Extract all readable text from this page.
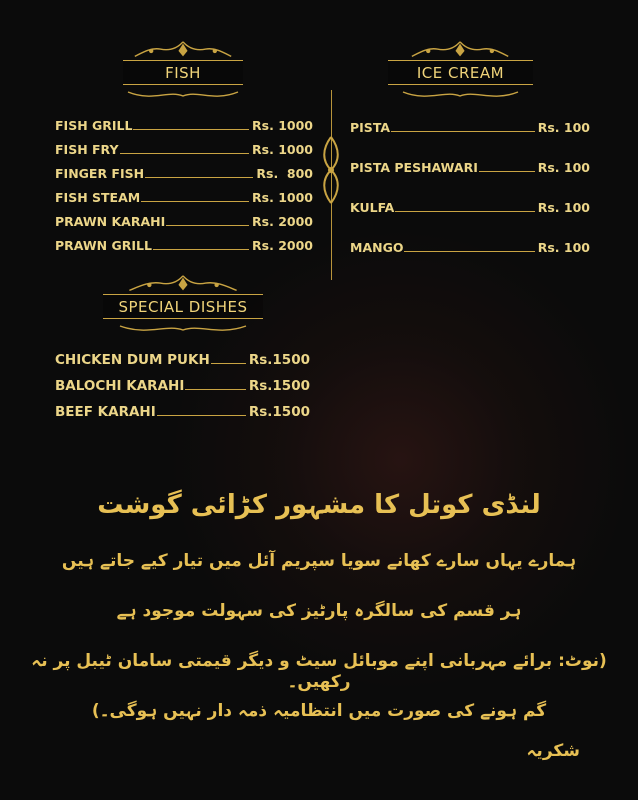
FISH	ICE CREAM
FISH GRILL	Rs. 1000
FISH FRY	Rs. 1000
FINGER FISH	Rs.  800
FISH STEAM	Rs. 1000
PRAWN KARAHI	Rs. 2000
PRAWN GRILL	Rs. 2000
PISTA	Rs. 100
PISTA PESHAWARI	Rs. 100
KULFA	Rs. 100
MANGO	Rs. 100
SPECIAL DISHES
CHICKEN DUM PUKH	Rs.1500
BALOCHI KARAHI	Rs.1500
BEEF KARAHI	Rs.1500
لنڈی کوتل کا مشہور کڑائی گوشت
ہمارے یہاں سارے کھانے سویا سپریم آئل میں تیار کیے جاتے ہیں
ہر قسم کی سالگرہ پارٹیز کی سہولت موجود ہے
(نوٹ: برائے مہربانی اپنے موبائل سیٹ و دیگر قیمتی سامان ٹیبل پر نہ رکھیں۔
گم ہونے کی صورت میں انتظامیہ ذمہ دار نہیں ہوگی۔)
شکریہ
